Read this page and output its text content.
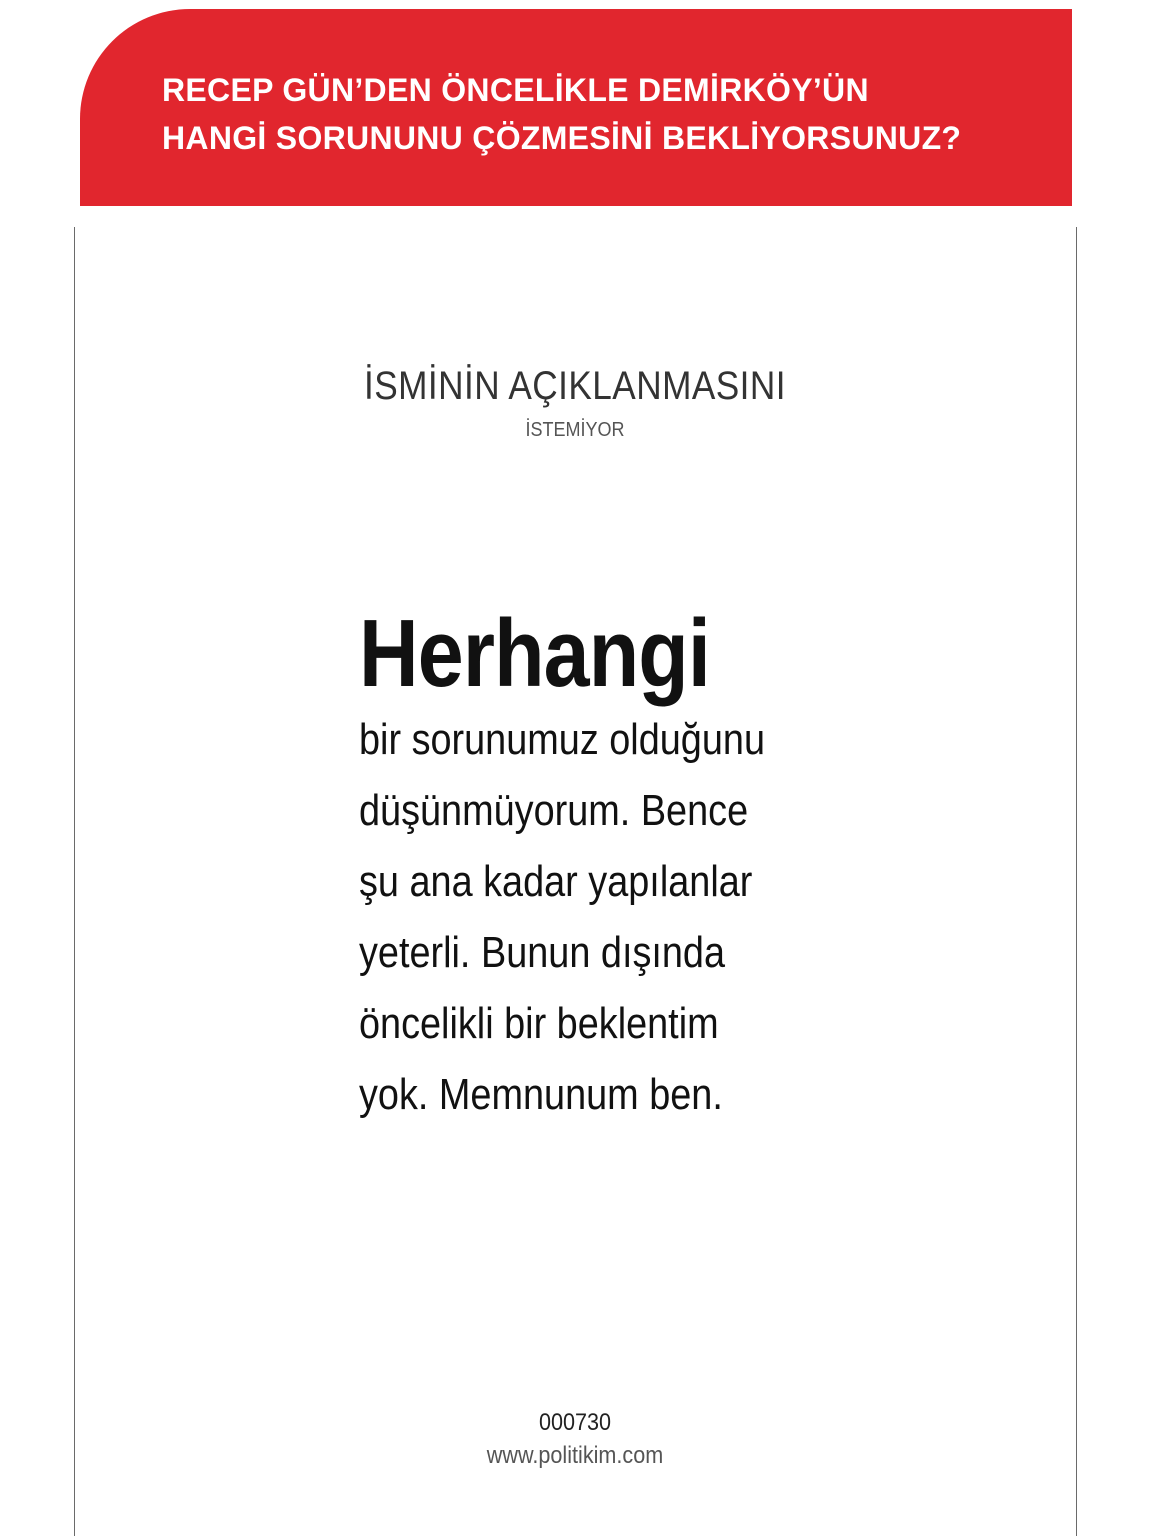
RECEP GÜN’DEN ÖNCELİKLE DEMİRKÖY’ÜN
HANGİ SORUNUNU ÇÖZMESİNİ BEKLİYORSUNUZ?
İSMİNİN AÇIKLANMASINI
İSTEMİYOR
Herhangi
bir sorunumuz olduğunu
düşünmüyorum. Bence
şu ana kadar yapılanlar
yeterli. Bunun dışında
öncelikli bir beklentim
yok. Memnunum ben.
000730
www.politikim.com
